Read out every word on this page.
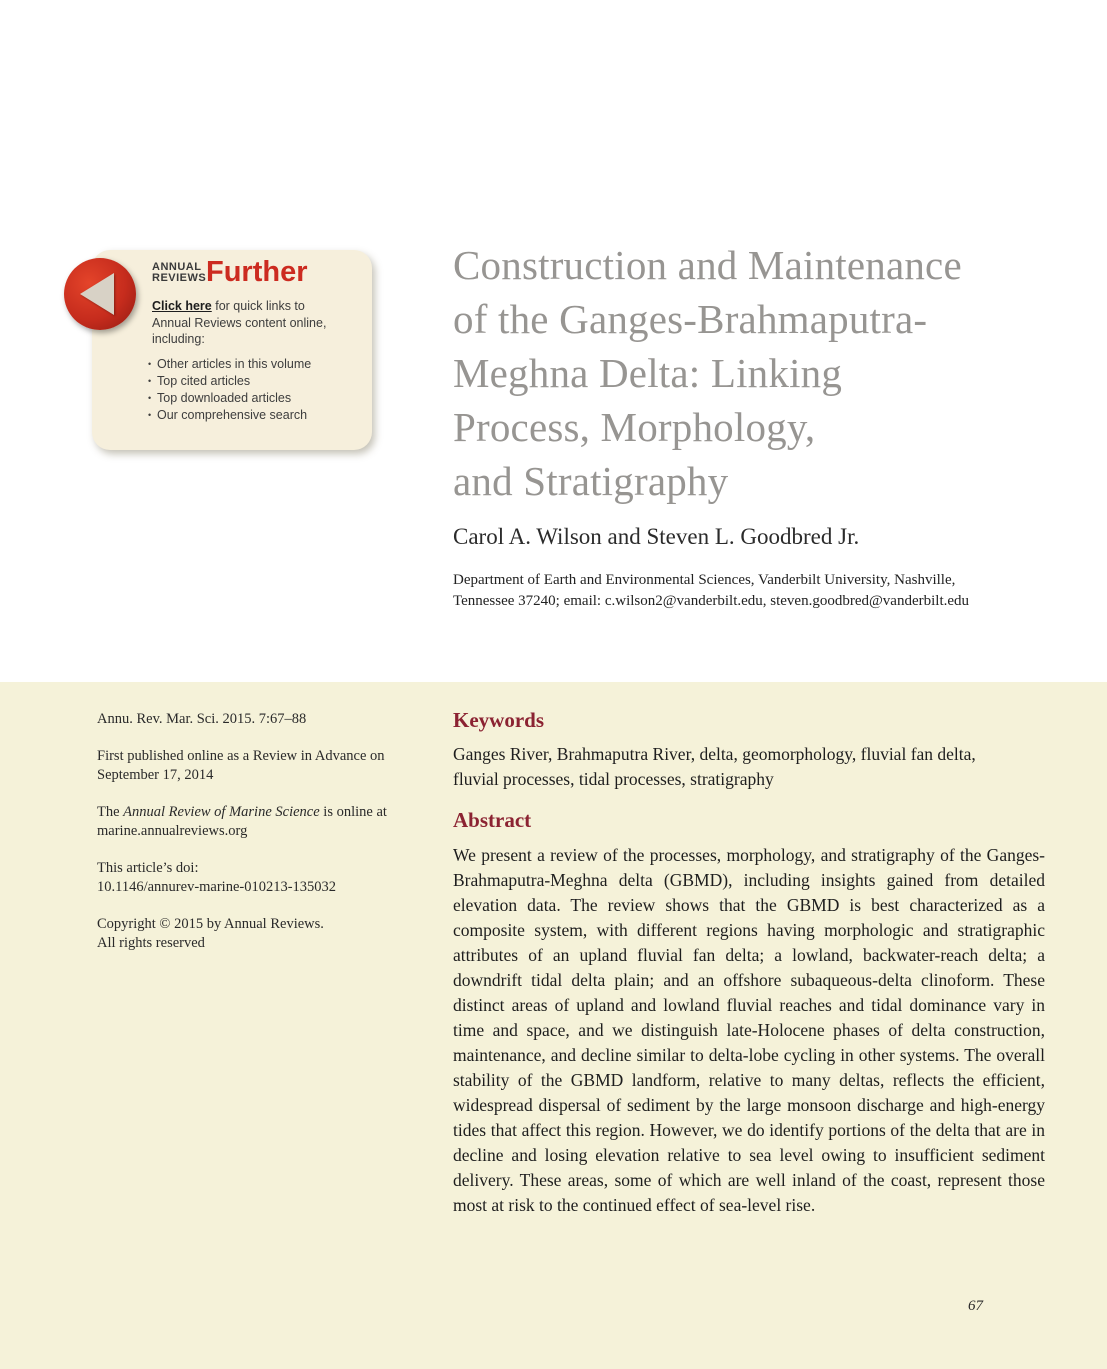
ANNUAL
REVIEWS Further
Click here for quick links to
Annual Reviews content online,
including:
• Other articles in this volume
• Top cited articles
• Top downloaded articles
• Our comprehensive search
Construction and Maintenance
of the Ganges-Brahmaputra-
Meghna Delta: Linking
Process, Morphology,
and Stratigraphy
Carol A. Wilson and Steven L. Goodbred Jr.
Department of Earth and Environmental Sciences, Vanderbilt University, Nashville,
Tennessee 37240; email: c.wilson2@vanderbilt.edu, steven.goodbred@vanderbilt.edu
Annu. Rev. Mar. Sci. 2015. 7:67–88
First published online as a Review in Advance on
September 17, 2014
The Annual Review of Marine Science is online at
marine.annualreviews.org
This article’s doi:
10.1146/annurev-marine-010213-135032
Copyright © 2015 by Annual Reviews.
All rights reserved
Keywords
Ganges River, Brahmaputra River, delta, geomorphology, fluvial fan delta,
fluvial processes, tidal processes, stratigraphy
Abstract
We present a review of the processes, morphology, and stratigraphy of the Ganges-Brahmaputra-Meghna delta (GBMD), including insights gained from detailed elevation data. The review shows that the GBMD is best characterized as a composite system, with different regions having morphologic and stratigraphic attributes of an upland fluvial fan delta; a lowland, backwater-reach delta; a downdrift tidal delta plain; and an offshore subaqueous-delta clinoform. These distinct areas of upland and lowland fluvial reaches and tidal dominance vary in time and space, and we distinguish late-Holocene phases of delta construction, maintenance, and decline similar to delta-lobe cycling in other systems. The overall stability of the GBMD landform, relative to many deltas, reflects the efficient, widespread dispersal of sediment by the large monsoon discharge and high-energy tides that affect this region. However, we do identify portions of the delta that are in decline and losing elevation relative to sea level owing to insufficient sediment delivery. These areas, some of which are well inland of the coast, represent those most at risk to the continued effect of sea-level rise.
67
